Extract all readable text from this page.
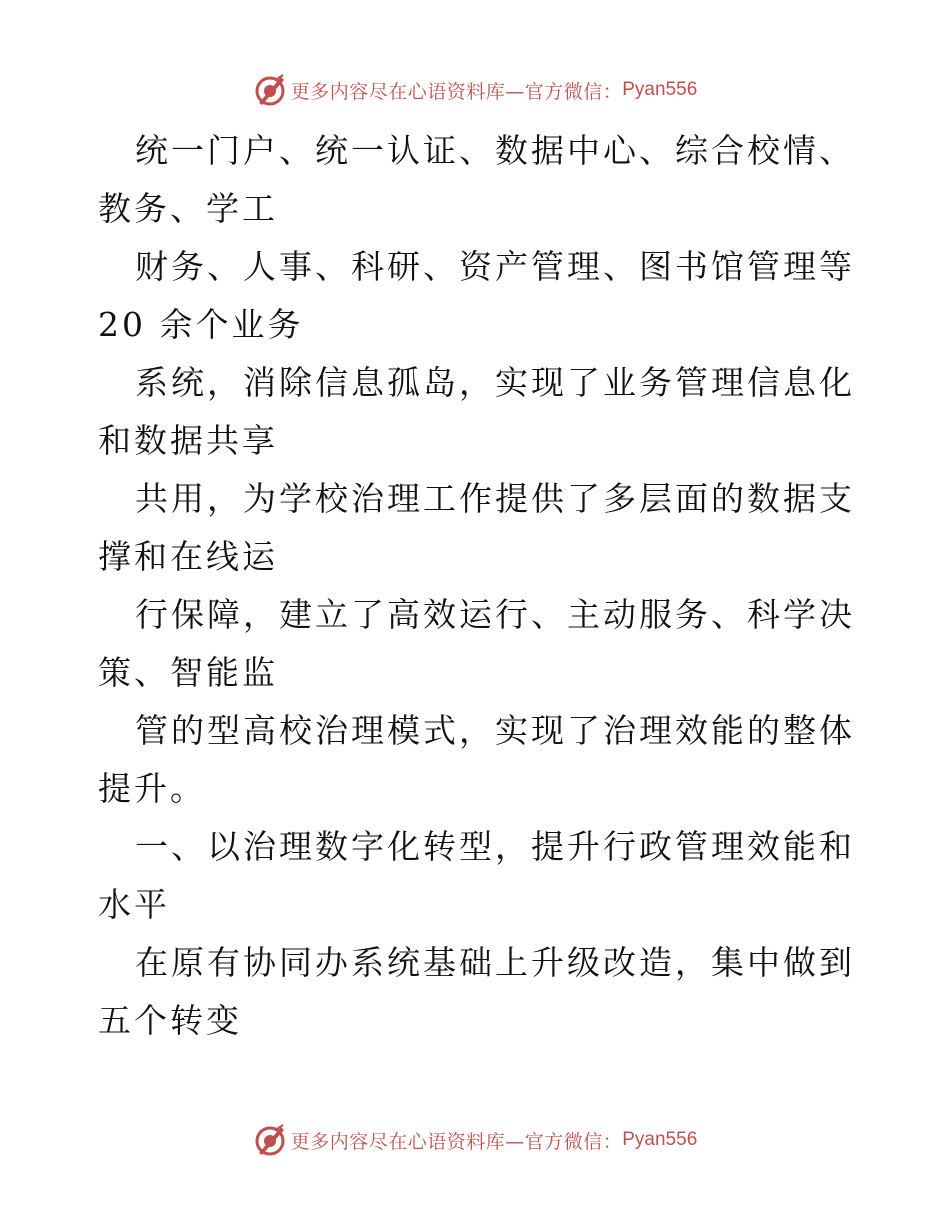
更多内容尽在心语资料库—官方微信： Pyan556

统一门户、统一认证、数据中心、综合校情、教务、学工

财务、人事、科研、资产管理、图书馆管理等 20 余个业务

系统，消除信息孤岛，实现了业务管理信息化和数据共享

共用，为学校治理工作提供了多层面的数据支撑和在线运

行保障，建立了高效运行、主动服务、科学决策、智能监

管的型高校治理模式，实现了治理效能的整体提升。

一、以治理数字化转型，提升行政管理效能和水平

在原有协同办系统基础上升级改造，集中做到五个转变

更多内容尽在心语资料库—官方微信： Pyan556
